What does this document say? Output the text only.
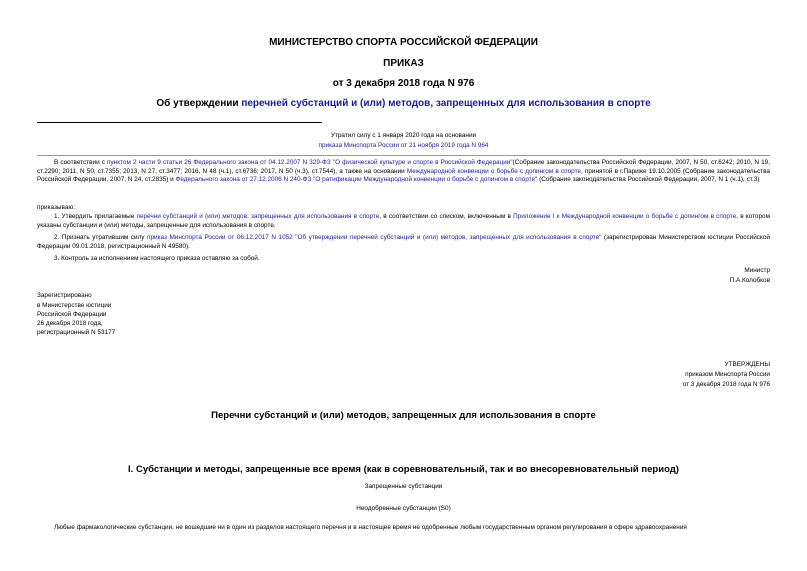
МИНИСТЕРСТВО СПОРТА РОССИЙСКОЙ ФЕДЕРАЦИИ
ПРИКАЗ
от 3 декабря 2018 года N 976
Об утверждении перечней субстанций и (или) методов, запрещенных для использования в спорте
Утратил силу с 1 января 2020 года на основании
приказа Минспорта России от 21 ноября 2019 года N 964
В соответствии с пунктом 2 части 9 статьи 26 Федерального закона от 04.12.2007 N 329-ФЗ "О физической культуре и спорте в Российской Федерации"(Собрание законодательства Российской Федерации, 2007, N 50, ст.6242; 2010, N 19, ст.2290; 2011, N 50, ст.7355; 2013, N 27, ст.3477; 2016, N 48 (ч.1), ст.6736; 2017, N 50 (ч.3), ст.7544), а также на основании Международной конвенции о борьбе с допингом в спорте, принятой в г.Париже 19.10.2005 (Собрание законодательства Российской Федерации, 2007, N 24, ст.2835) и Федерального закона от 27.12.2006 N 240-ФЗ "О ратификации Международной конвенции о борьбе с допингом в спорте" (Собрание законодательства Российской Федерации, 2007, N 1 (ч.1), ст.3)
приказываю:
1. Утвердить прилагаемые перечни субстанций и (или) методов, запрещенных для использования в спорте, в соответствии со списком, включенным в Приложение I к Международной конвенции о борьбе с допингом в спорте, в котором указаны субстанции и (или) методы, запрещенные для использования в спорте.
2. Признать утратившим силу приказ Минспорта России от 06.12.2017 N 1052 "Об утверждении перечней субстанций и (или) методов, запрещенных для использования в спорте" (зарегистрирован Министерством юстиции Российской Федерации 09.01.2018, регистрационный N 49580).
3. Контроль за исполнением настоящего приказа оставляю за собой.
Министр
П.А.Колобков
Зарегистрировано
в Министерстве юстиции
Российской Федерации
26 декабря 2018 года,
регистрационный N 53177
УТВЕРЖДЕНЫ
приказом Минспорта России
от 3 декабря 2018 года N 976
Перечни субстанций и (или) методов, запрещенных для использования в спорте
I. Субстанции и методы, запрещенные все время (как в соревновательный, так и во внесоревновательный период)
Запрещенные субстанции
Неодобренные субстанции (S0)
Любые фармакологические субстанции, не вошедшие ни в один из разделов настоящего перечня и в настоящее время не одобренные любым государственным органом регулирования в сфере здравоохранения
